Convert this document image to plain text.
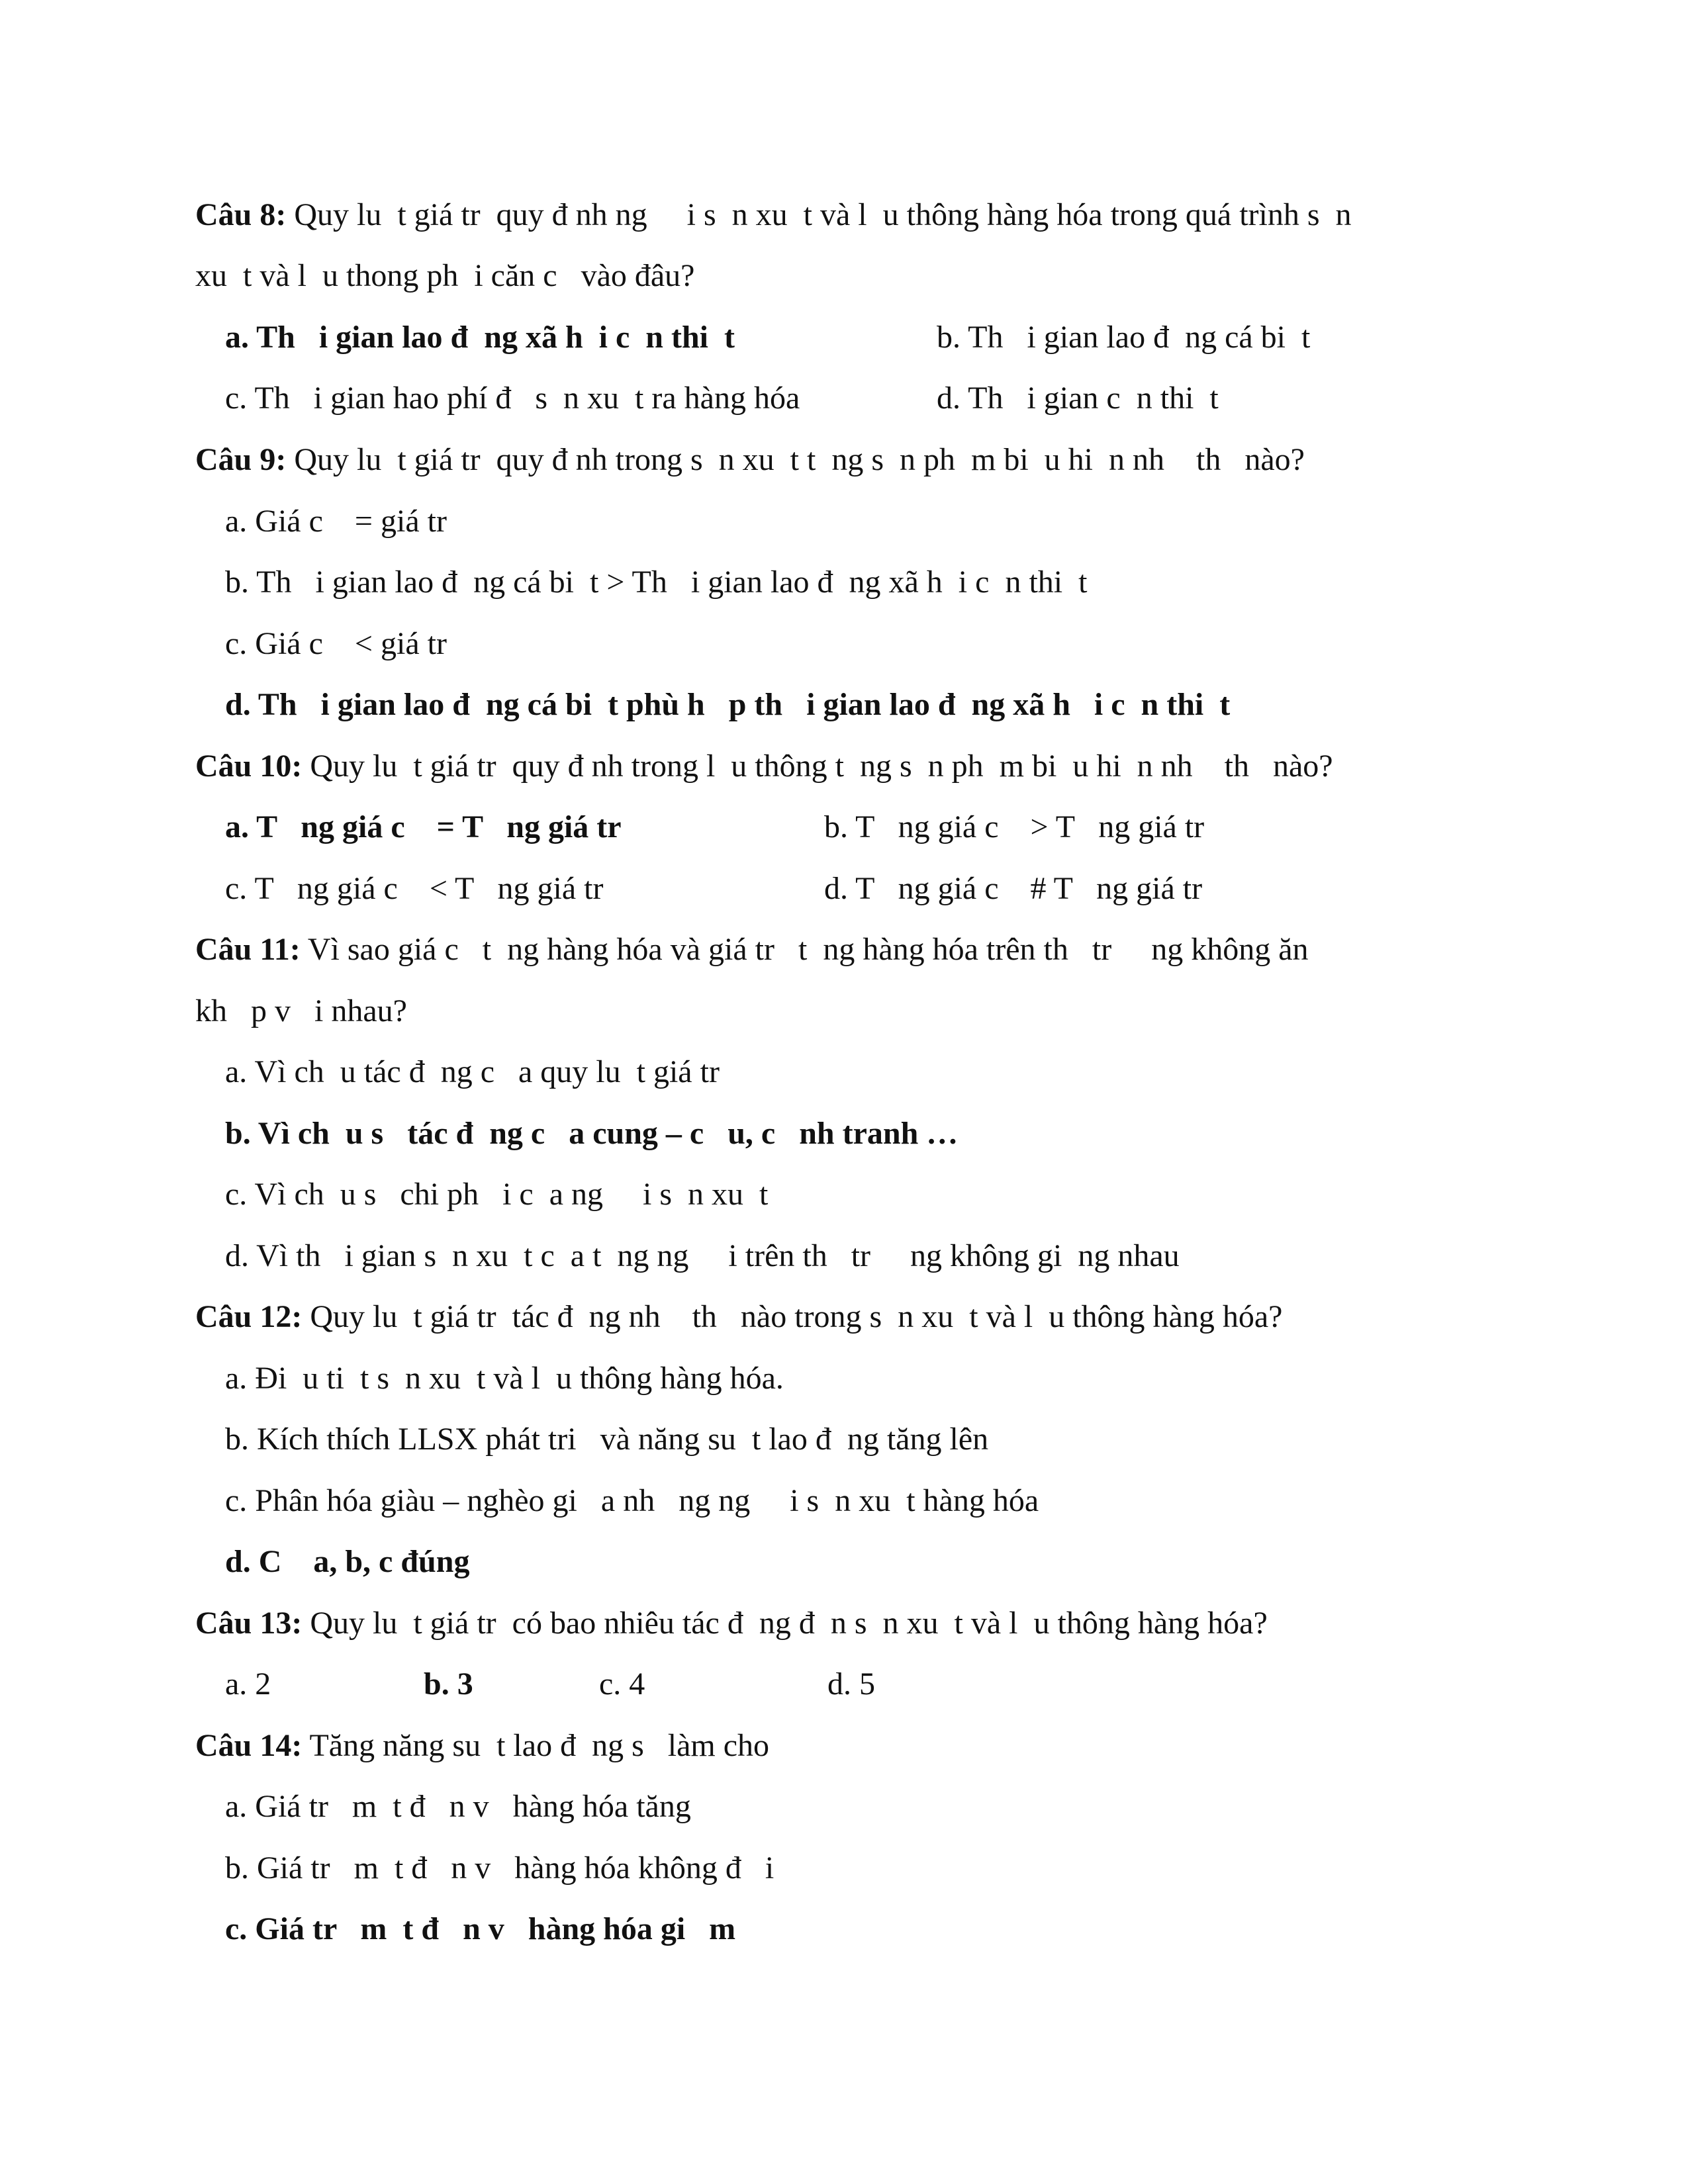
Câu 8: Quy lu  t giá tr  quy đ nh ng     i s  n xu  t và l  u thông hàng hóa trong quá trình s  n

xu  t và l  u thong ph  i căn c   vào đâu?

a. Th   i gian lao đ  ng xã h  i c  n thi  t	b. Th   i gian lao đ  ng cá bi  t

c. Th   i gian hao phí đ   s  n xu  t ra hàng hóa	d. Th   i gian c  n thi  t

Câu 9: Quy lu  t giá tr  quy đ nh trong s  n xu  t t  ng s  n ph  m bi  u hi  n nh    th   nào?

a. Giá c    = giá tr

b. Th   i gian lao đ  ng cá bi  t > Th   i gian lao đ  ng xã h  i c  n thi  t

c. Giá c    < giá tr

d. Th   i gian lao đ  ng cá bi  t phù h   p th   i gian lao đ  ng xã h   i c  n thi  t

Câu 10: Quy lu  t giá tr  quy đ nh trong l  u thông t  ng s  n ph  m bi  u hi  n nh    th   nào?

a. T   ng giá c    = T   ng giá tr	b. T   ng giá c    > T   ng giá tr

c. T   ng giá c    < T   ng giá tr	d. T   ng giá c    # T   ng giá tr

Câu 11: Vì sao giá c   t  ng hàng hóa và giá tr   t  ng hàng hóa trên th   tr     ng không ăn

kh   p v   i nhau?

a. Vì ch  u tác đ  ng c   a quy lu  t giá tr

b. Vì ch  u s   tác đ  ng c   a cung – c   u, c   nh tranh …

c. Vì ch  u s   chi ph   i c  a ng     i s  n xu  t

d. Vì th   i gian s  n xu  t c  a t  ng ng     i trên th   tr     ng không gi  ng nhau

Câu 12: Quy lu  t giá tr  tác đ  ng nh    th   nào trong s  n xu  t và l  u thông hàng hóa?

a. Đi  u ti  t s  n xu  t và l  u thông hàng hóa.

b. Kích thích LLSX phát tri   và năng su  t lao đ  ng tăng lên

c. Phân hóa giàu – nghèo gi   a nh   ng ng     i s  n xu  t hàng hóa

d. C    a, b, c đúng

Câu 13: Quy lu  t giá tr  có bao nhiêu tác đ  ng đ  n s  n xu  t và l  u thông hàng hóa?

a. 2	b. 3	c. 4	d. 5

Câu 14: Tăng năng su  t lao đ  ng s   làm cho

a. Giá tr   m  t đ   n v   hàng hóa tăng

b. Giá tr   m  t đ   n v   hàng hóa không đ   i

c. Giá tr   m  t đ   n v   hàng hóa gi   m
